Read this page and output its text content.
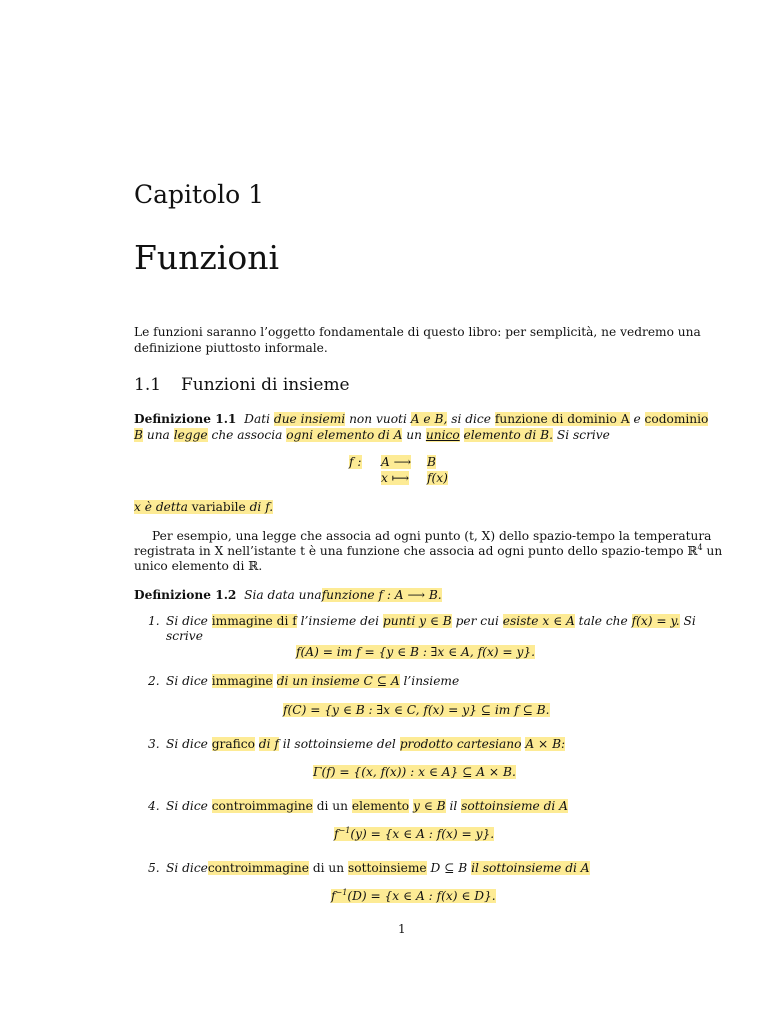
Capitolo 1
Funzioni
Le funzioni saranno l’oggetto fondamentale di questo libro: per semplicità, ne vedremo una
definizione piuttosto informale.
1.1 Funzioni di insieme
Definizione 1.1 Dati due insiemi non vuoti A e B, si dice funzione di dominio A e codominio
B una legge che associa ogni elemento di A un unico elemento di B. Si scrive
f : A ⟶ B
x ⟼ f(x)
x è detta variabile di f.
Per esempio, una legge che associa ad ogni punto (t, X) dello spazio-tempo la temperatura
registrata in X nell’istante t è una funzione che associa ad ogni punto dello spazio-tempo ℝ$^4$ un
unico elemento di ℝ.
Definizione 1.2 Sia data unafunzione f : A ⟶ B.
1. Si dice immagine di f l’insieme dei punti y ∈ B per cui esiste x ∈ A tale che f(x) = y. Si
scrive
f(A) = im f = {y ∈ B : ∃x ∈ A, f(x) = y}.
2. Si dice immagine di un insieme C ⊆ A l’insieme
f(C) = {y ∈ B : ∃x ∈ C, f(x) = y} ⊆ im f ⊆ B.
3. Si dice grafico di f il sottoinsieme del prodotto cartesiano A × B:
Γ(f) = {(x, f(x)) : x ∈ A} ⊆ A × B.
4. Si dice controimmagine di un elemento y ∈ B il sottoinsieme di A
$f^{-1}(y) = \{x$ ∈ A : f(x) = y}.
5. Si dicecontroimmagine di un sottoinsieme D ⊆ B il sottoinsieme di A
$f^{-1}(D) = \{x$ ∈ A : f(x) ∈ D}.
1
